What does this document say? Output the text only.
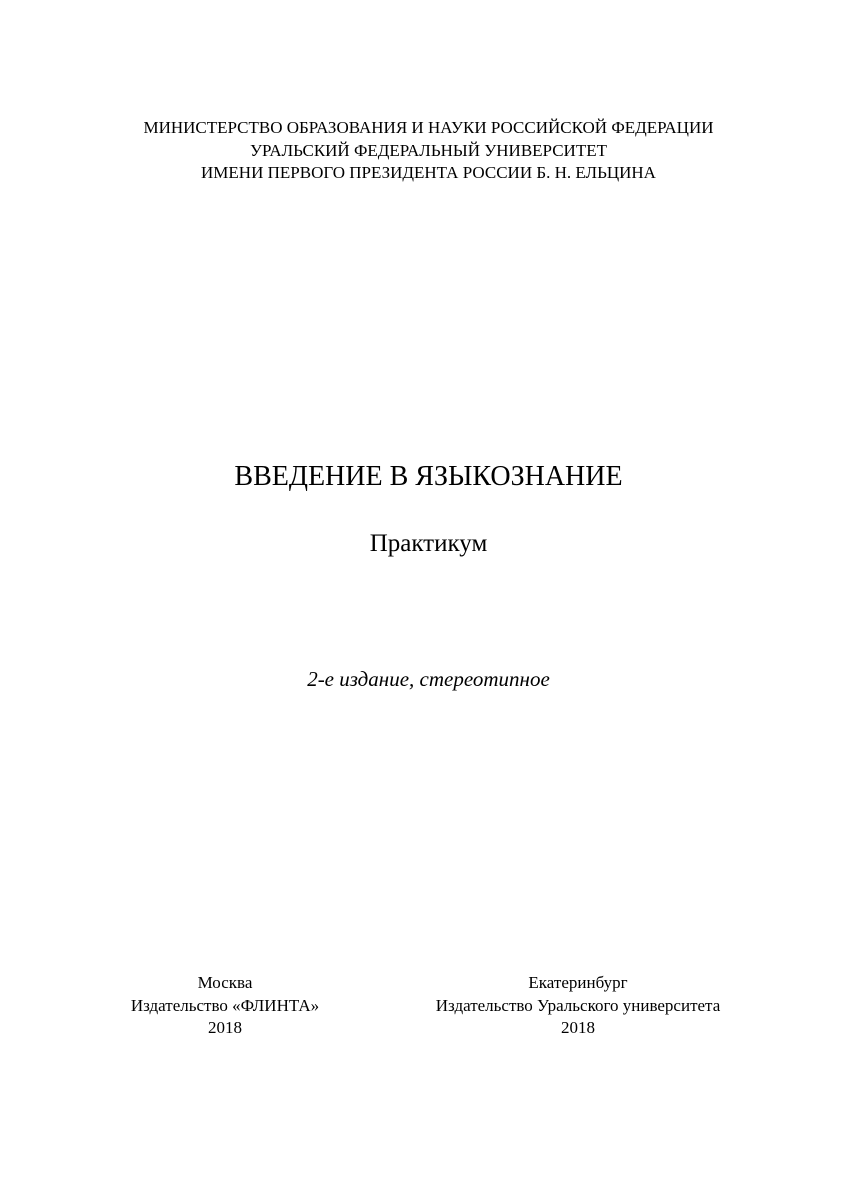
МИНИСТЕРСТВО ОБРАЗОВАНИЯ И НАУКИ РОССИЙСКОЙ ФЕДЕРАЦИИ
УРАЛЬСКИЙ ФЕДЕРАЛЬНЫЙ УНИВЕРСИТЕТ
ИМЕНИ ПЕРВОГО ПРЕЗИДЕНТА РОССИИ Б. Н. ЕЛЬЦИНА
ВВЕДЕНИЕ В ЯЗЫКОЗНАНИЕ
Практикум
2-е издание, стереотипное
Москва
Издательство «ФЛИНТА»
2018
Екатеринбург
Издательство Уральского университета
2018
